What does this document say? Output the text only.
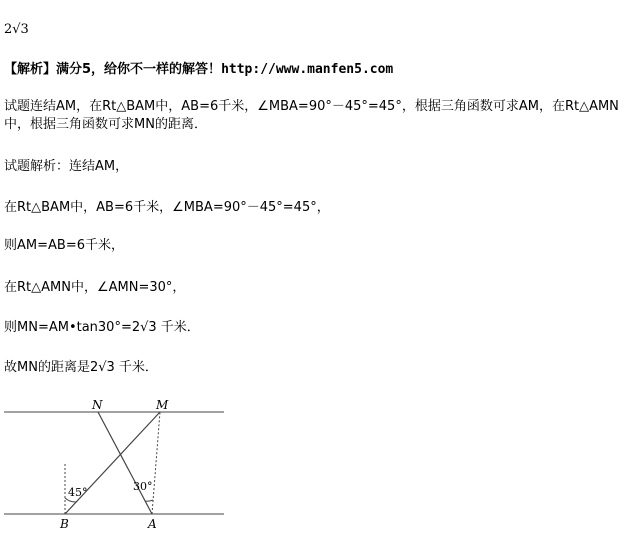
2√3
【解析】满分5，给你不一样的解答！http://www.manfen5.com
试题连结AM，在Rt△BAM中，AB=6千米，∠MBA=90°－45°=45°，根据三角函数可求AM，在Rt△AMN
中，根据三角函数可求MN的距离．
试题解析：连结AM，
在Rt△BAM中，AB=6千米，∠MBA=90°－45°=45°，
则AM=AB=6千米，
在Rt△AMN中，∠AMN=30°，
则MN=AM•tan30°=2√3 千米．
故MN的距离是2√3 千米．
N	M
B	A
45°	30°
